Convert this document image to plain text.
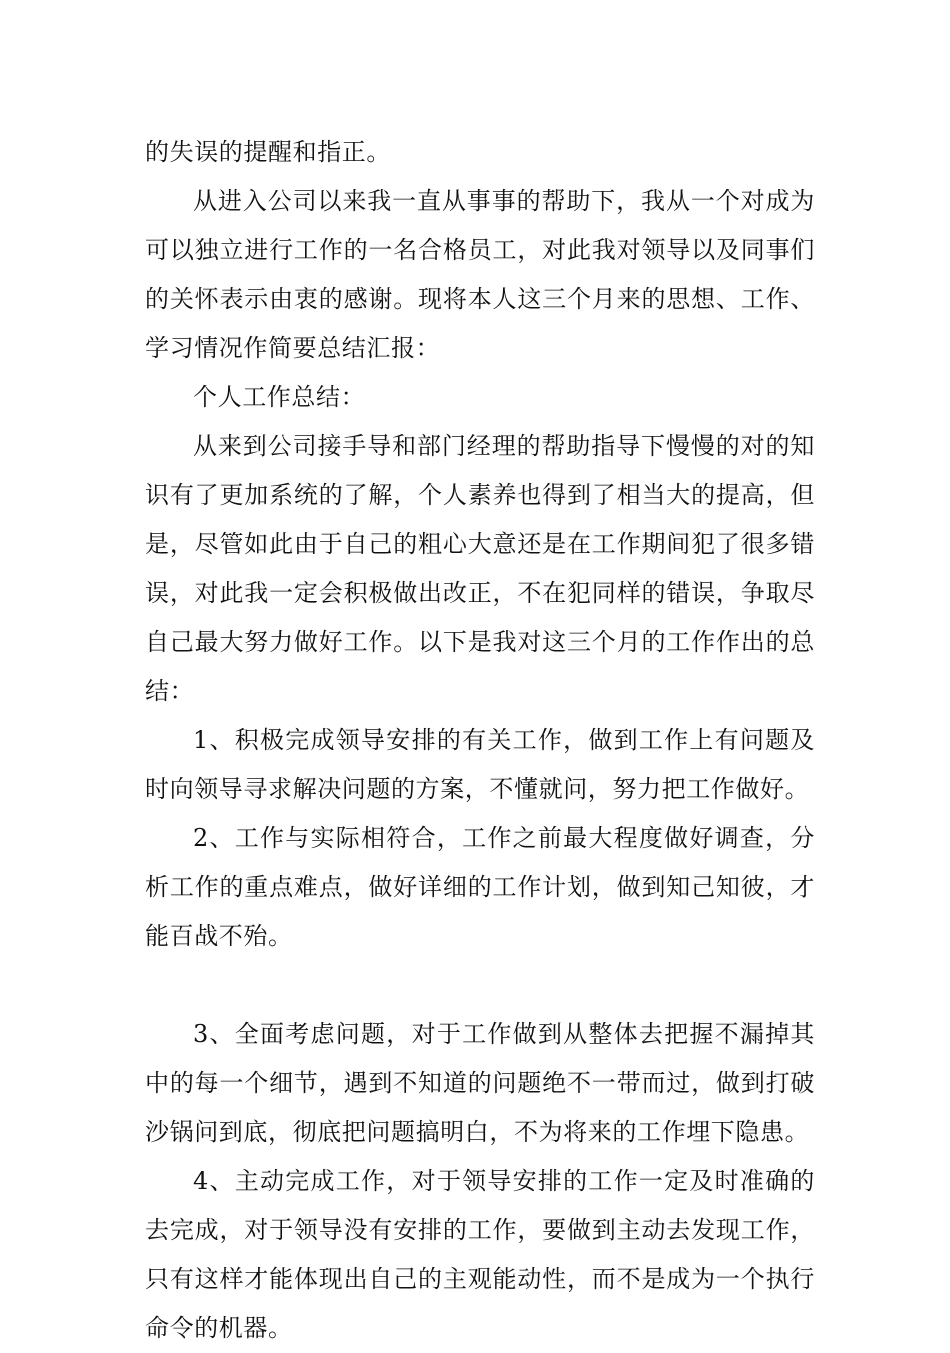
的失误的提醒和指正。

从进入公司以来我一直从事事的帮助下，我从一个对成为可以独立进行工作的一名合格员工，对此我对领导以及同事们的关怀表示由衷的感谢。现将本人这三个月来的思想、工作、学习情况作简要总结汇报：

个人工作总结：

从来到公司接手导和部门经理的帮助指导下慢慢的对的知识有了更加系统的了解，个人素养也得到了相当大的提高，但是，尽管如此由于自己的粗心大意还是在工作期间犯了很多错误，对此我一定会积极做出改正，不在犯同样的错误，争取尽自己最大努力做好工作。以下是我对这三个月的工作作出的总结：

1、积极完成领导安排的有关工作，做到工作上有问题及时向领导寻求解决问题的方案，不懂就问，努力把工作做好。

2、工作与实际相符合，工作之前最大程度做好调查，分析工作的重点难点，做好详细的工作计划，做到知己知彼，才能百战不殆。

3、全面考虑问题，对于工作做到从整体去把握不漏掉其中的每一个细节，遇到不知道的问题绝不一带而过，做到打破沙锅问到底，彻底把问题搞明白，不为将来的工作埋下隐患。

4、主动完成工作，对于领导安排的工作一定及时准确的去完成，对于领导没有安排的工作，要做到主动去发现工作，只有这样才能体现出自己的主观能动性，而不是成为一个执行命令的机器。
